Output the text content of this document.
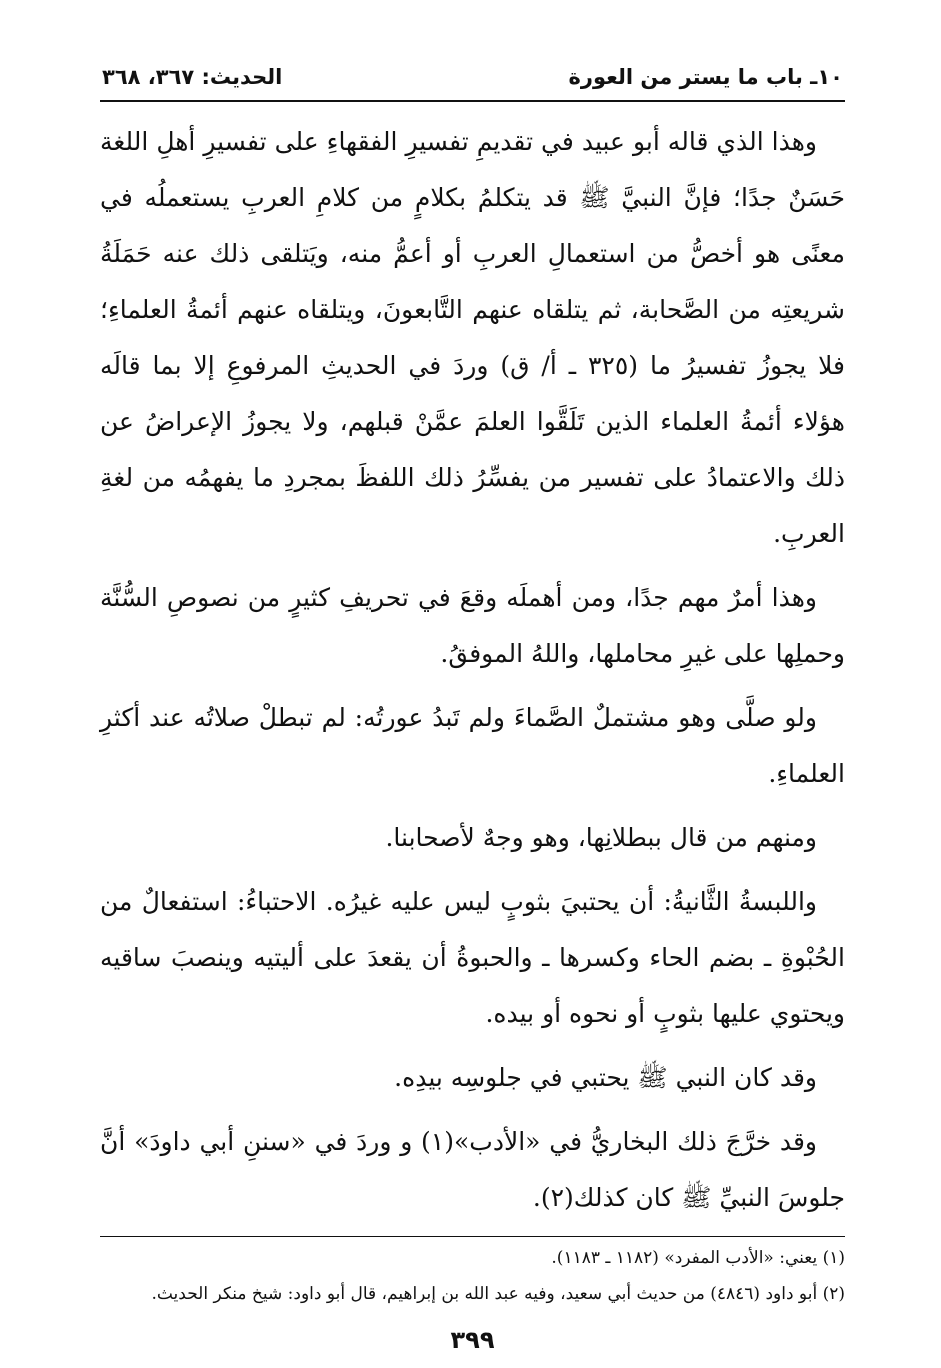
١٠ـ باب ما يستر من العورة
الحديث: ٣٦٧، ٣٦٨

وهذا الذي قاله أبو عبيد في تقديمِ تفسيرِ الفقهاءِ على تفسيرِ أهلِ اللغة حَسَنٌ جدًا؛ فإنَّ النبيَّ ﷺ قد يتكلمُ بكلامٍ من كلامِ العربِ يستعملُه في معنًى هو أخصُّ من استعمالِ العربِ أو أعمُّ منه، ويَتلقى ذلك عنه حَمَلَةُ شريعتِه من الصَّحابة، ثم يتلقاه عنهم التَّابعونَ، ويتلقاه عنهم أئمةُ العلماءِ؛ فلا يجوزُ تفسيرُ ما (٣٢٥ ـ أ/ ق) وردَ في الحديثِ المرفوعِ إلا بما قالَه هؤلاء أئمةُ العلماء الذين تَلَقَّوا العلمَ عمَّنْ قبلهم، ولا يجوزُ الإعراضُ عن ذلك والاعتمادُ على تفسير من يفسِّرُ ذلك اللفظَ بمجردِ ما يفهمُه من لغةِ العربِ.

وهذا أمرٌ مهم جدًا، ومن أهملَه وقعَ في تحريفِ كثيرٍ من نصوصِ السُّنَّة وحملِها على غيرِ محاملها، واللهُ الموفقُ.

ولو صلَّى وهو مشتملٌ الصَّماءَ ولم تَبدُ عورتُه: لم تبطلْ صلاتُه عند أكثرِ العلماءِ.

ومنهم من قال ببطلانِها، وهو وجهٌ لأصحابنا.

واللبسةُ الثَّانيةُ: أن يحتبيَ بثوبٍ ليس عليه غيرُه. الاحتباءُ: استفعالٌ من الحُبْوةِ ـ بضم الحاء وكسرها ـ والحبوةُ أن يقعدَ على أليتيه وينصبَ ساقيه ويحتوي عليها بثوبٍ أو نحوه أو بيده.

وقد كان النبي ﷺ يحتبي في جلوسِه بيدِه.

وقد خرَّجَ ذلك البخاريُّ في «الأدب»(١) و وردَ في «سننِ أبي داودَ» أنَّ جلوسَ النبيِّ ﷺ كان كذلك(٢).

(١) يعني: «الأدب المفرد» (١١٨٢ ـ ١١٨٣).

(٢) أبو داود (٤٨٤٦) من حديث أبي سعيد، وفيه عبد الله بن إبراهيم، قال أبو داود: شيخ منكر الحديث.

٣٩٩
